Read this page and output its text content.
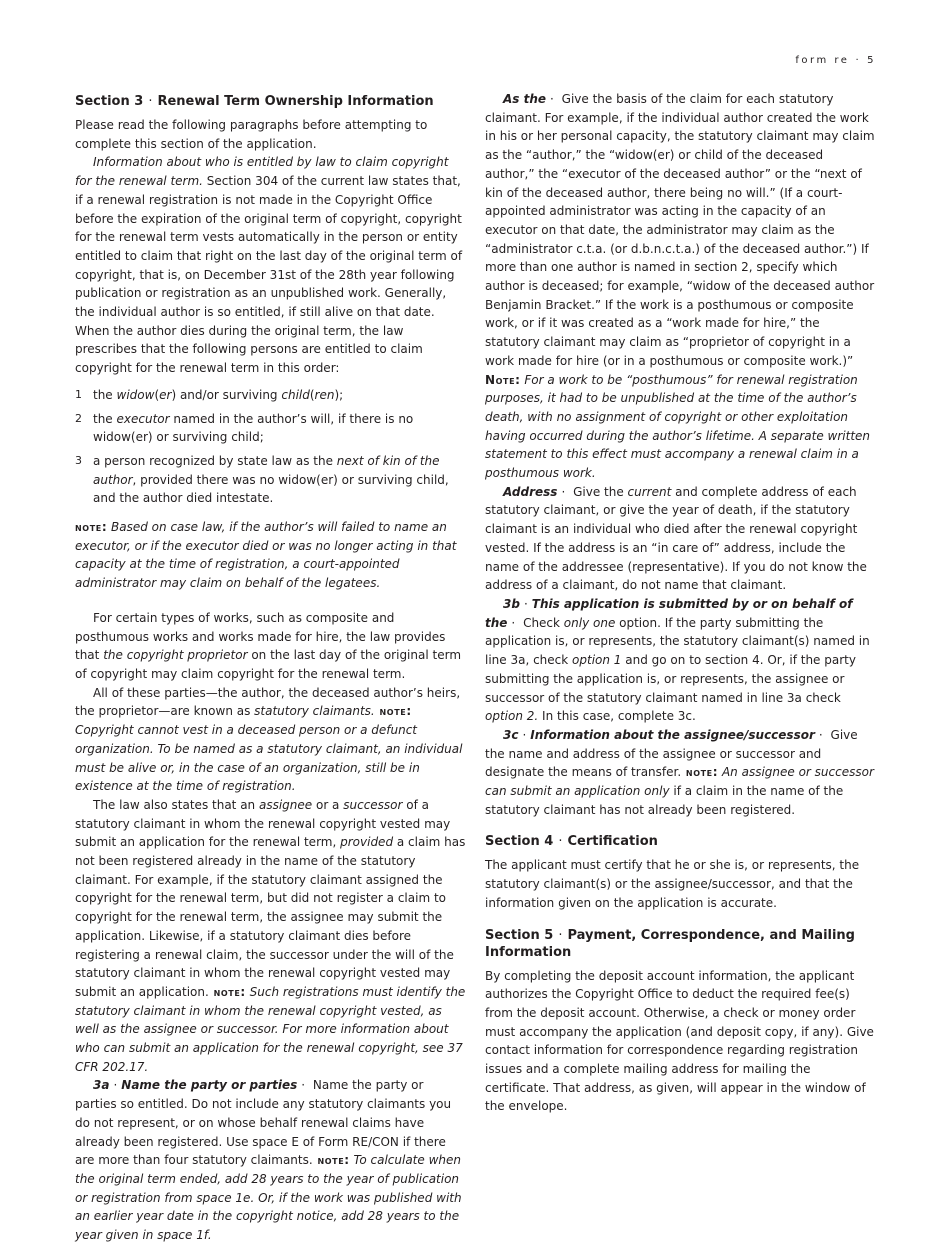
form re · 5
Section 3 · Renewal Term Ownership Information

Please read the following paragraphs before attempting to complete this section of the application.

Information about who is entitled by law to claim copyright for the renewal term. Section 304 of the current law states that, if a renewal registration is not made in the Copyright Office before the expiration of the original term of copyright, copyright for the renewal term vests automatically in the person or entity entitled to claim that right on the last day of the original term of copyright, that is, on December 31st of the 28th year following publication or registration as an unpublished work. Generally, the individual author is so entitled, if still alive on that date. When the author dies during the original term, the law prescribes that the following persons are entitled to claim copyright for the renewal term in this order:

1 the widow(er) and/or surviving child(ren);
2 the executor named in the author’s will, if there is no widow(er) or surviving child;
3 a person recognized by state law as the next of kin of the author, provided there was no widow(er) or surviving child, and the author died intestate.

note: Based on case law, if the author’s will failed to name an executor, or if the executor died or was no longer acting in that capacity at the time of registration, a court-appointed administrator may claim on behalf of the legatees.

For certain types of works, such as composite and posthumous works and works made for hire, the law provides that the copyright proprietor on the last day of the original term of copyright may claim copyright for the renewal term.

All of these parties—the author, the deceased author’s heirs, the proprietor—are known as statutory claimants. note: Copyright cannot vest in a deceased person or a defunct organization. To be named as a statutory claimant, an individual must be alive or, in the case of an organization, still be in existence at the time of registration.

The law also states that an assignee or a successor of a statutory claimant in whom the renewal copyright vested may submit an application for the renewal term, provided a claim has not been registered already in the name of the statutory claimant. For example, if the statutory claimant assigned the copyright for the renewal term, but did not register a claim to copyright for the renewal term, the assignee may submit the application. Likewise, if a statutory claimant dies before registering a renewal claim, the successor under the will of the statutory claimant in whom the renewal copyright vested may submit an application. note: Such registrations must identify the statutory claimant in whom the renewal copyright vested, as well as the assignee or successor. For more information about who can submit an application for the renewal copyright, see 37 CFR 202.17.

3a · Name the party or parties · Name the party or parties so entitled. Do not include any statutory claimants you do not represent, or on whose behalf renewal claims have already been registered. Use space E of Form RE/CON if there are more than four statutory claimants. note: To calculate when the original term ended, add 28 years to the year of publication or registration from space 1e. Or, if the work was published with an earlier year date in the copyright notice, add 28 years to the year given in space 1f.

As the · Give the basis of the claim for each statutory claimant. For example, if the individual author created the work in his or her personal capacity, the statutory claimant may claim as the “author,” the “widow(er) or child of the deceased author,” the “executor of the deceased author” or the “next of kin of the deceased author, there being no will.” (If a court-appointed administrator was acting in the capacity of an executor on that date, the administrator may claim as the “administrator c.t.a. (or d.b.n.c.t.a.) of the deceased author.”) If more than one author is named in section 2, specify which author is deceased; for example, “widow of the deceased author Benjamin Bracket.” If the work is a posthumous or composite work, or if it was created as a “work made for hire,” the statutory claimant may claim as “proprietor of copyright in a work made for hire (or in a posthumous or composite work.)” Note: For a work to be “posthumous” for renewal registration purposes, it had to be unpublished at the time of the author’s death, with no assignment of copyright or other exploitation having occurred during the author’s lifetime. A separate written statement to this effect must accompany a renewal claim in a posthumous work.

Address · Give the current and complete address of each statutory claimant, or give the year of death, if the statutory claimant is an individual who died after the renewal copyright vested. If the address is an “in care of” address, include the name of the addressee (representative). If you do not know the address of a claimant, do not name that claimant.

3b · This application is submitted by or on behalf of the · Check only one option. If the party submitting the application is, or represents, the statutory claimant(s) named in line 3a, check option 1 and go on to section 4. Or, if the party submitting the application is, or represents, the assignee or successor of the statutory claimant named in line 3a check option 2. In this case, complete 3c.

3c · Information about the assignee/successor · Give the name and address of the assignee or successor and designate the means of transfer. note: An assignee or successor can submit an application only if a claim in the name of the statutory claimant has not already been registered.

Section 4 · Certification

The applicant must certify that he or she is, or represents, the statutory claimant(s) or the assignee/successor, and that the information given on the application is accurate.

Section 5 · Payment, Correspondence, and Mailing Information

By completing the deposit account information, the applicant authorizes the Copyright Office to deduct the required fee(s) from the deposit account. Otherwise, a check or money order must accompany the application (and deposit copy, if any). Give contact information for correspondence regarding registration issues and a complete mailing address for mailing the certificate. That address, as given, will appear in the window of the envelope.
